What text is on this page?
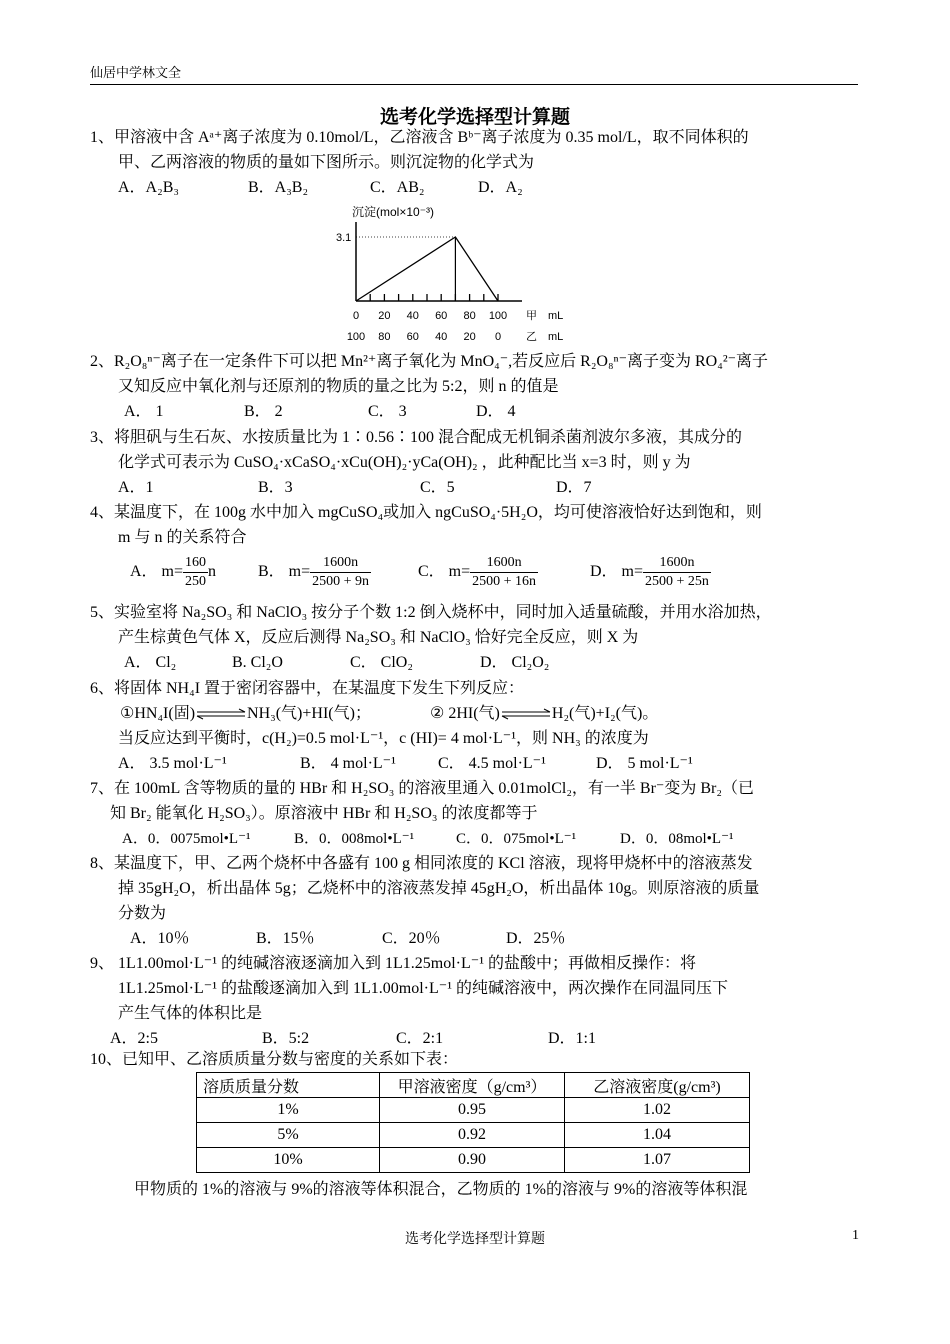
仙居中学林文全
选考化学选择型计算题
1、甲溶液中含 Aᵃ⁺离子浓度为 0.10mol/L，乙溶液含 Bᵇ⁻离子浓度为 0.35 mol/L，取不同体积的
甲、乙两溶液的物质的量如下图所示。则沉淀物的化学式为
A．A₂B₃	B．A₃B₂	C．AB₂	D．A₂
沉淀(mol×10⁻³)
3.1
0 20 40 60 80 100
100 80 60 40 20 0
甲
乙
mL
mL
2、R₂O₈ⁿ⁻离子在一定条件下可以把 Mn²⁺离子氧化为 MnO₄⁻,若反应后 R₂O₈ⁿ⁻离子变为 RO₄²⁻离子
又知反应中氧化剂与还原剂的物质的量之比为 5:2，则 n 的值是
A． 1	B． 2	C． 3	D． 4
3、将胆矾与生石灰、水按质量比为 1∶0.56∶100 混合配成无机铜杀菌剂波尔多液，其成分的
化学式可表示为 CuSO₄·xCaSO₄·xCu(OH)₂·yCa(OH)₂ ，此种配比当 x=3 时，则 y 为
A．1	B．3	C．5	D．7
4、某温度下，在 100g 水中加入 mgCuSO₄或加入 ngCuSO₄·5H₂O，均可使溶液恰好达到饱和，则
m 与 n 的关系符合
A． $m= \frac{160}{250}$ n	B． $m= \frac{1600n}{2500 + 9n}$	C． $m= \frac{1600n}{2500 + 16n}$	D． $m= \frac{1600n}{2500 + 25n}$
5、实验室将 Na₂SO₃ 和 NaClO₃ 按分子个数 1:2 倒入烧杯中，同时加入适量硫酸，并用水浴加热，
产生棕黄色气体 X，反应后测得 Na₂SO₃ 和 NaClO₃ 恰好完全反应，则 X 为
A． Cl₂	B. Cl₂O	C． ClO₂	D． Cl₂O₂
6、将固体 NH₄I 置于密闭容器中，在某温度下发生下列反应：
①HN₄I(固)⇌NH₃(气)+HI(气)；	② 2HI(气)⇌H₂(气)+I₂(气)。
当反应达到平衡时，c(H₂)=0.5 mol·L⁻¹，c (HI)= 4 mol·L⁻¹，则 NH₃ 的浓度为
A． 3.5 mol·L⁻¹	B． 4 mol·L⁻¹	C． 4.5 mol·L⁻¹	D． 5 mol·L⁻¹
7、在 100mL 含等物质的量的 HBr 和 H₂SO₃ 的溶液里通入 0.01molCl₂，有一半 Br⁻变为 Br₂（已
知 Br₂ 能氧化 H₂SO₃）。原溶液中 HBr 和 H₂SO₃ 的浓度都等于
A．0．0075mol•L⁻¹	B．0．008mol•L⁻¹	C．0．075mol•L⁻¹	D．0．08mol•L⁻¹
8、某温度下，甲、乙两个烧杯中各盛有 100 g 相同浓度的 KCl 溶液，现将甲烧杯中的溶液蒸发
掉 35gH₂O，析出晶体 5g；乙烧杯中的溶液蒸发掉 45gH₂O，析出晶体 10g。则原溶液的质量
分数为
A．10％	B．15％	C．20％	D．25％
9、 1L1.00mol·L⁻¹ 的纯碱溶液逐滴加入到 1L1.25mol·L⁻¹ 的盐酸中；再做相反操作：将
1L1.25mol·L⁻¹ 的盐酸逐滴加入到 1L1.00mol·L⁻¹ 的纯碱溶液中，两次操作在同温同压下
产生气体的体积比是
A．2:5	B．5:2	C．2:1	D．1:1
10、已知甲、乙溶质质量分数与密度的关系如下表：
溶质质量分数	甲溶液密度（g/cm³）	乙溶液密度(g/cm³)
1%	0.95	1.02
5%	0.92	1.04
10%	0.90	1.07
甲物质的 1%的溶液与 9%的溶液等体积混合，乙物质的 1%的溶液与 9%的溶液等体积混
选考化学选择型计算题	1
